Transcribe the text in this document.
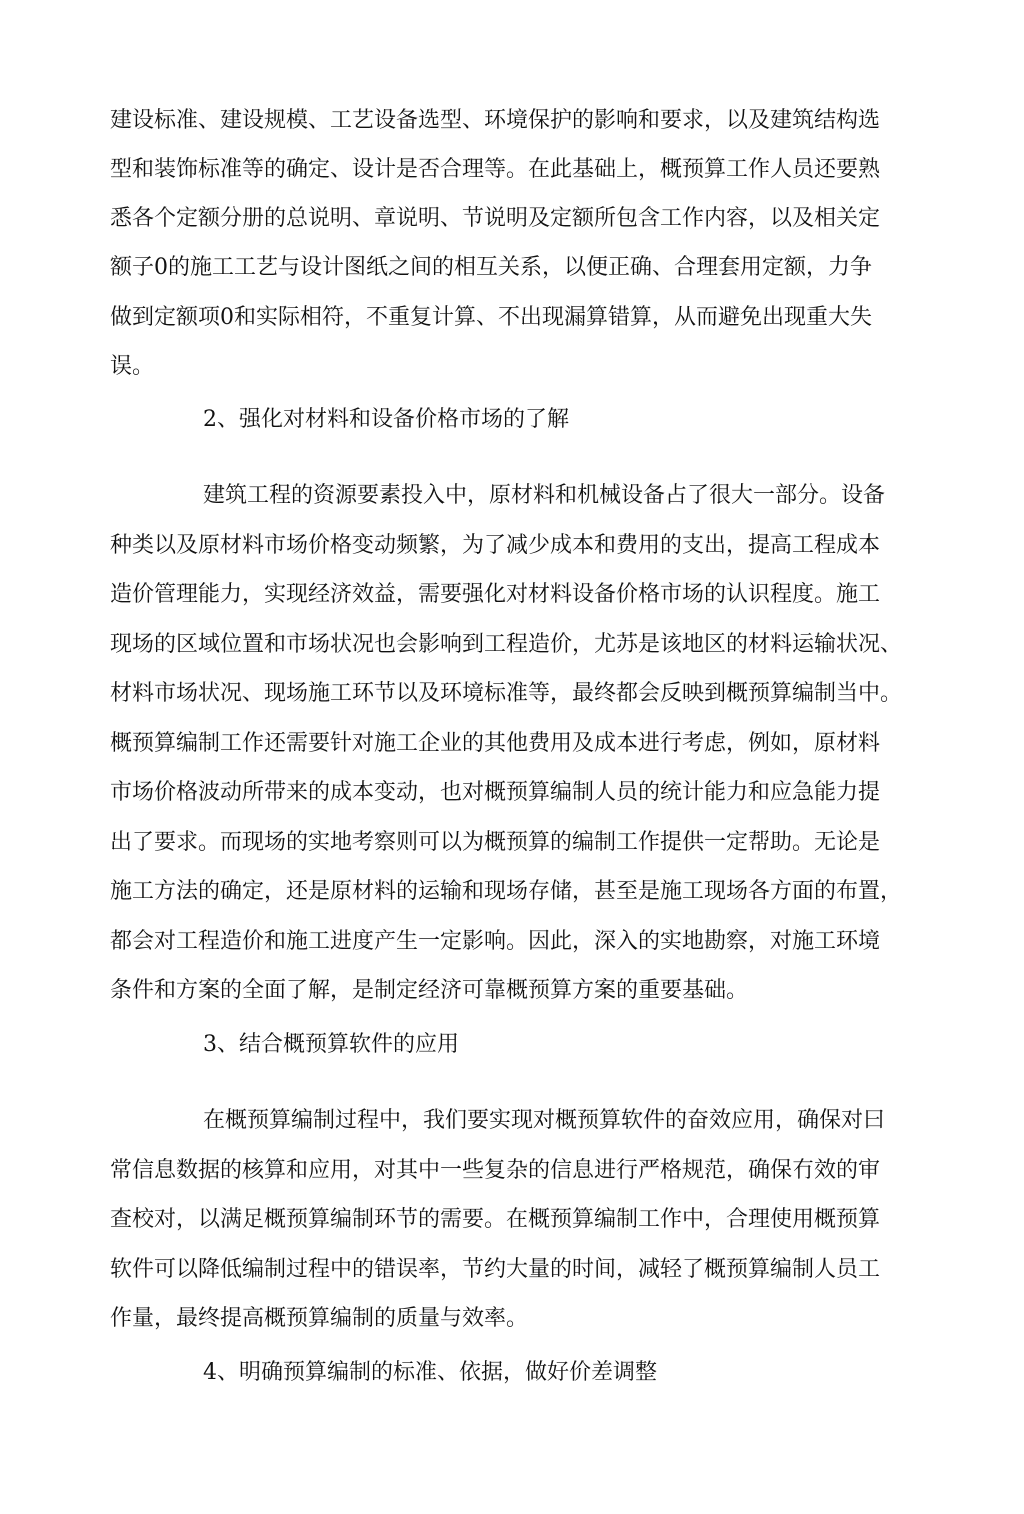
建设标准、建设规模、工艺设备选型、环境保护的影响和要求，以及建筑结构选
型和装饰标准等的确定、设计是否合理等。在此基础上，概预算工作人员还要熟
悉各个定额分册的总说明、章说明、节说明及定额所包含工作内容，以及相关定
额子0的施工工艺与设计图纸之间的相互关系，以便正确、合理套用定额，力争
做到定额项0和实际相符，不重复计算、不出现漏算错算，从而避免出现重大失
误。
2、强化对材料和设备价格市场的了解
建筑工程的资源要素投入中，原材料和机械设备占了很大一部分。设备
种类以及原材料市场价格变动频繁，为了减少成本和费用的支出，提高工程成本
造价管理能力，实现经济效益，需要强化对材料设备价格市场的认识程度。施工
现场的区域位置和市场状况也会影响到工程造价，尤苏是该地区的材料运输状况、
材料市场状况、现场施工环节以及环境标准等，最终都会反映到概预算编制当中。
概预算编制工作还需要针对施工企业的其他费用及成本进行考虑，例如，原材料
市场价格波动所带来的成本变动，也对概预算编制人员的统计能力和应急能力提
出了要求。而现场的实地考察则可以为概预算的编制工作提供一定帮助。无论是
施工方法的确定，还是原材料的运输和现场存储，甚至是施工现场各方面的布置，
都会对工程造价和施工进度产生一定影响。因此，深入的实地勘察，对施工环境
条件和方案的全面了解，是制定经济可靠概预算方案的重要基础。
3、结合概预算软件的应用
在概预算编制过程中，我们要实现对概预算软件的奋效应用，确保对曰
常信息数据的核算和应用，对其中一些复杂的信息进行严格规范，确保冇效的审
查校对，以满足概预算编制环节的需要。在概预算编制工作中，合理使用概预算
软件可以降低编制过程中的错误率，节约大量的时间，减轻了概预算编制人员工
作量，最终提高概预算编制的质量与效率。
4、明确预算编制的标准、依据，做好价差调整
